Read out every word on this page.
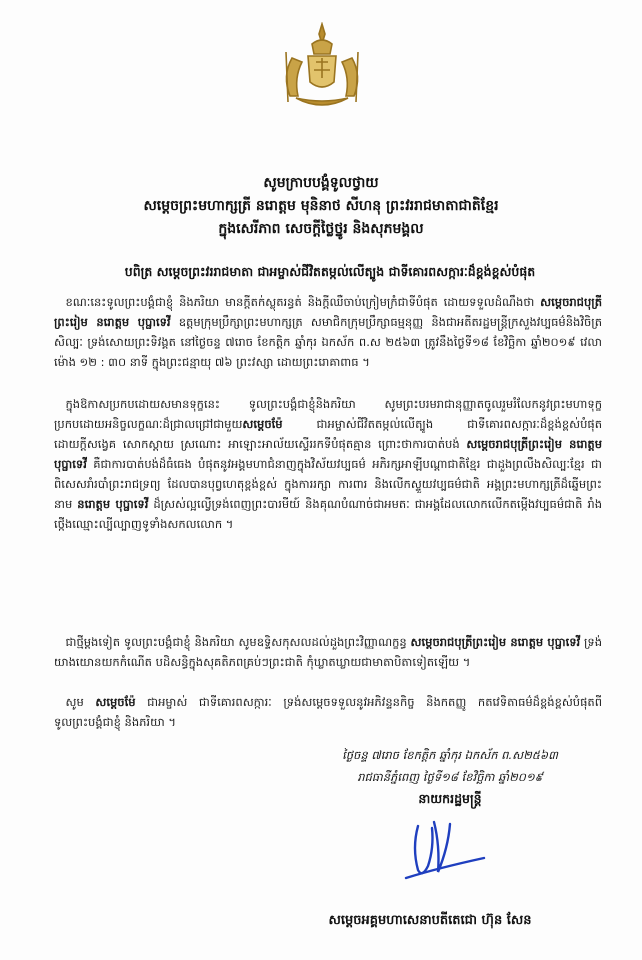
សូមក្រាបបង្គំទូលថ្វាយ
សម្តេចព្រះមហាក្សត្រី នរោត្តម មុនិនាថ សីហនុ ព្រះវររាជមាតាជាតិខ្មែរ
ក្នុងសេរីភាព សេចក្តីថ្លៃថ្នូរ និងសុភមង្គល
បពិត្រ សម្តេចព្រះវររាជមាតា ជាអម្ចាស់ជីវិតតម្កល់លើត្បូង ជាទីគោរពសក្ការៈដ៏ខ្ពង់ខ្ពស់បំផុត
 ខណៈនេះទូលព្រះបង្គំជាខ្ញុំ និងភរិយា មានក្តីតក់ស្លុតរន្ធត់ និងក្តីឈឺចាប់ក្រៀមក្រំជាទីបំផុត ដោយទទួលដំណឹងថា សម្តេចរាជបុត្រីព្រះរៀម នរោត្តម បុប្ផាទេវី ឧត្តមក្រុមប្រឹក្សាព្រះមហាក្សត្រ សមាជិកក្រុមប្រឹក្សាធម្មនុញ្ញ និងជាអតីតរដ្ឋមន្ត្រីក្រសួងវប្បធម៌និងវិចិត្រសិល្បៈ ទ្រង់សោយព្រះទិវង្គត នៅថ្ងៃចន្ទ ៧រោច ខែកត្តិក ឆ្នាំកុរ ឯកស័ក ព.ស ២៥៦៣ ត្រូវនឹងថ្ងៃទី១៨ ខែវិច្ឆិកា ឆ្នាំ២០១៩ វេលាម៉ោង ១២ : ៣០ នាទី ក្នុងព្រះជន្មាយុ ៧៦ ព្រះវស្សា ដោយព្រះរោគាពាធ ។
 ក្នុងឱកាសប្រកបដោយសមានទុក្ខនេះ ទូលព្រះបង្គំជាខ្ញុំនិងភរិយា សូមព្រះបរមរាជានុញ្ញាតចូលរួមរំលែកនូវព្រះមហាទុក្ខ ប្រកបដោយអនិច្ចលក្ខណៈដ៏ជ្រាលជ្រៅជាមួយសម្តេចម៉ែ ជាអម្ចាស់ជីវិតតម្កល់លើត្បូង ជាទីគោរពសក្ការៈដ៏ខ្ពង់ខ្ពស់បំផុត ដោយក្តីសង្វេគ សោកស្តាយ ស្រណោះ អាឡោះអាល័យស្ទើររកទីបំផុតគ្មាន ព្រោះថាការបាត់បង់ សម្តេចរាជបុត្រីព្រះរៀម នរោត្តម បុប្ផាទេវី គឺជាការបាត់បង់ដ៏ធំធេង បំផុតនូវអង្គមហាជំនាញក្នុងវិស័យវប្បធម៌ អភិរក្សអាឡីបណ្តាជាតិខ្មែរ ជាដួងព្រលឹងសិល្បៈខ្មែរ ជាពិសេសរាំរបាំព្រះរាជទ្រព្យ ដែលបានបុព្វហេតុខ្ពង់ខ្ពស់ ក្នុងការរក្សា ការពារ និងលើកស្ទួយវប្បធម៌ជាតិ អង្គព្រះមហាក្សត្រីដ៏ឆ្នើមព្រះនាម នរោត្តម បុប្ផាទេវី ដ៏ស្រស់ល្អល្វើទ្រង់ពេញព្រះបារមីយ៍ និងគុណបំណាច់ជាអមតៈ ជាអង្គដែលលោកលើកតម្កើងវប្បធម៌ជាតិ រាំងថ្កើងឈ្មោះល្បីល្បាញទូទាំងសកលលោក ។
 ជាថ្មីម្តងទៀត ទូលព្រះបង្គំជាខ្ញុំ និងភរិយា សូមឧទ្ទិសកុសលដល់ដួងព្រះវិញ្ញាណក្ខន្ធ សម្តេចរាជបុត្រីព្រះរៀម នរោត្តម បុប្ផាទេវី ទ្រង់យាងយោនយកកំណើត បដិសន្ធិក្នុងសុគតិភពគ្រប់ៗព្រះជាតិ កុំឃ្លាតឃ្លាយជាមាតាបិតាទៀតឡើយ ។
 សូម សម្តេចម៉ែ ជាអម្ចាស់ ជាទីគោរពសក្ការៈ ទ្រង់សម្តេចទទួលនូវអភិវន្ទនកិច្ច និងកតញ្ញូ កតវេទិតាធម៌ដ៏ខ្ពង់ខ្ពស់បំផុតពីទូលព្រះបង្គំជាខ្ញុំ និងភរិយា ។
ថ្ងៃចន្ទ ៧រោច ខែកត្តិក ឆ្នាំកុរ ឯកស័ក ព.ស២៥៦៣
រាជធានីភ្នំពេញ ថ្ងៃទី១៨ ខែវិច្ឆិកា ឆ្នាំ២០១៩
នាយករដ្ឋមន្ត្រី
សម្តេចអគ្គមហាសេនាបតីតេជោ ហ៊ុន សែន
